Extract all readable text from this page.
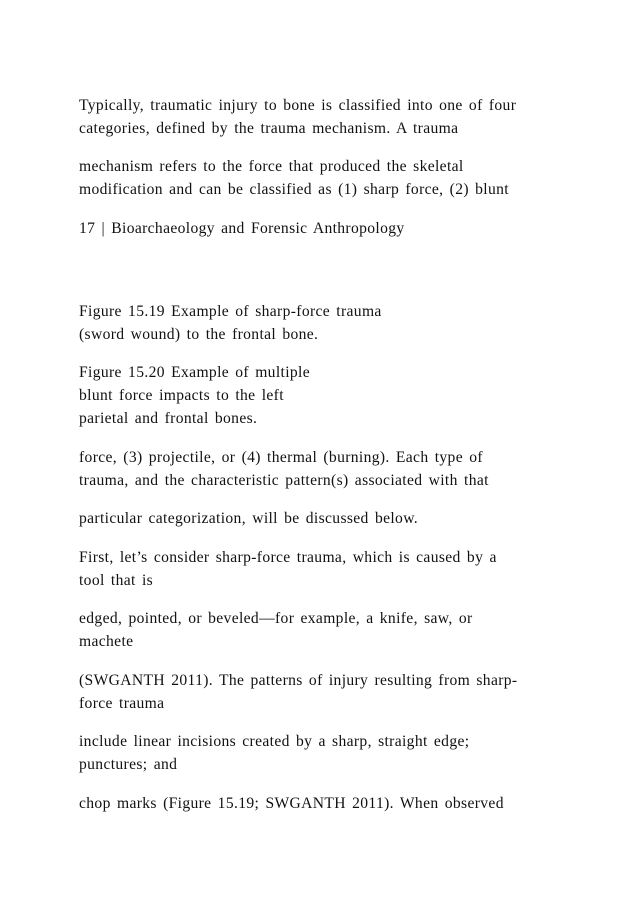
Typically, traumatic injury to bone is classified into one of four
categories, defined by the trauma mechanism. A trauma
mechanism refers to the force that produced the skeletal
modification and can be classified as (1) sharp force, (2) blunt
17 | Bioarchaeology and Forensic Anthropology
Figure 15.19 Example of sharp-force trauma
(sword wound) to the frontal bone.
Figure 15.20 Example of multiple
blunt force impacts to the left
parietal and frontal bones.
force, (3) projectile, or (4) thermal (burning). Each type of
trauma, and the characteristic pattern(s) associated with that
particular categorization, will be discussed below.
First, let’s consider sharp-force trauma, which is caused by a
tool that is
edged, pointed, or beveled—for example, a knife, saw, or
machete
(SWGANTH 2011). The patterns of injury resulting from sharp-
force trauma
include linear incisions created by a sharp, straight edge;
punctures; and
chop marks (Figure 15.19; SWGANTH 2011). When observed
